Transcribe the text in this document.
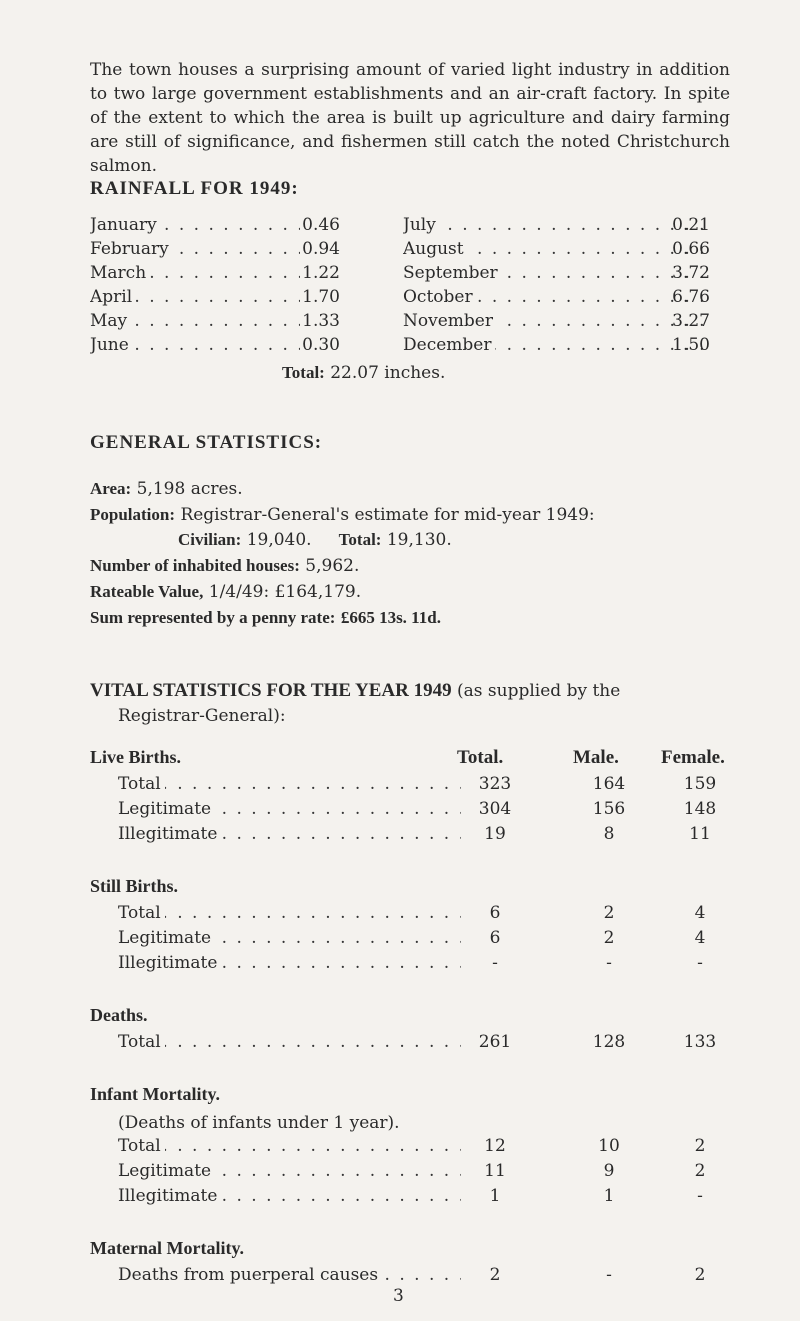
The town houses a surprising amount of varied light industry in addition to two large government establishments and an air-craft factory. In spite of the extent to which the area is built up agriculture and dairy farming are still of significance, and fishermen still catch the noted Christchurch salmon.
RAINFALL FOR 1949:
January . . .	0.46
February . . .	0.94
March . . .	1.22
April . . .	1.70
May . . .	1.33
June . . .	0.30
July . . .	0.21
August . . .	0.66
September . . .	3.72
October . . .	6.76
November . . .	3.27
December . . .	1.50
Total: 22.07 inches.
GENERAL STATISTICS:
Area: 5,198 acres.
Population: Registrar-General's estimate for mid-year 1949:
Civilian: 19,040. Total: 19,130.
Number of inhabited houses: 5,962.
Rateable Value, 1/4/49: £164,179.
Sum represented by a penny rate: £665 13s. 11d.
VITAL STATISTICS FOR THE YEAR 1949 (as supplied by the
Registrar-General):
Total.	Male. Female.
Live Births.
Total . . .	323	164	159
Legitimate . . .	304	156	148
Illegitimate . . .	19	8	11
Still Births.
Total . . .	6	2	4
Legitimate . . .	6	2	4
Illegitimate . . .	-	-	-
Deaths.
Total . . .	261	128	133
Infant Mortality.
(Deaths of infants under 1 year).
Total . . .	12	10	2
Legitimate . . .	11	9	2
Illegitimate . . .	1	1	-
Maternal Mortality.
Deaths from puerperal causes . . .	2	-	2
3
